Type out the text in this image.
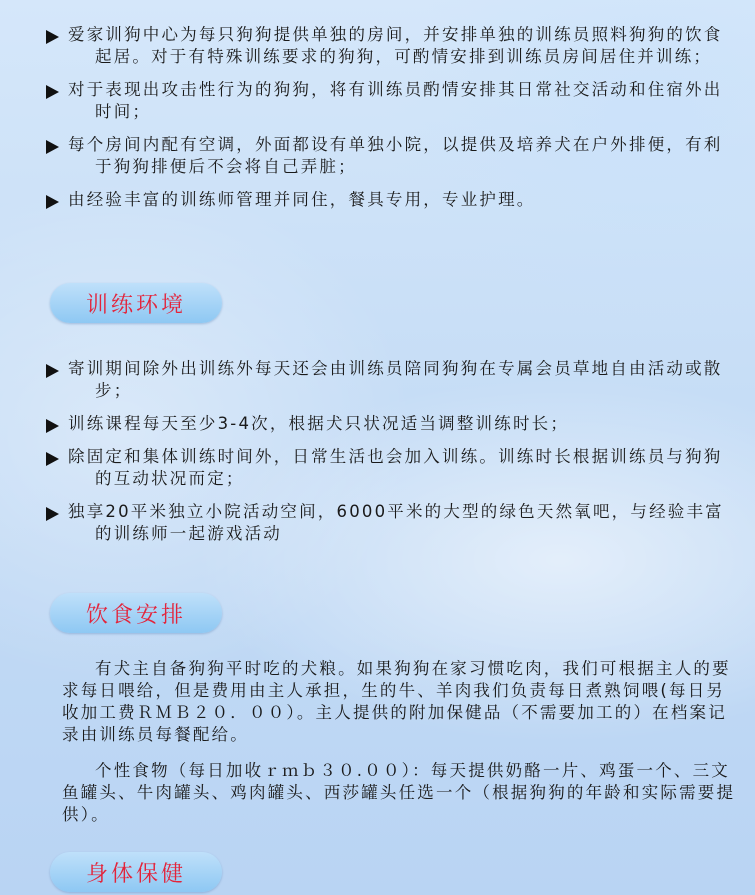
爱家训狗中心为每只狗狗提供单独的房间，并安排单独的训练员照料狗狗的饮食起居。对于有特殊训练要求的狗狗，可酌情安排到训练员房间居住并训练；

对于表现出攻击性行为的狗狗，将有训练员酌情安排其日常社交活动和住宿外出时间；

每个房间内配有空调，外面都设有单独小院，以提供及培养犬在户外排便，有利于狗狗排便后不会将自己弄脏；

由经验丰富的训练师管理并同住，餐具专用，专业护理。

训练环境

寄训期间除外出训练外每天还会由训练员陪同狗狗在专属会员草地自由活动或散步；

训练课程每天至少3-4次，根据犬只状况适当调整训练时长；

除固定和集体训练时间外，日常生活也会加入训练。训练时长根据训练员与狗狗的互动状况而定；

独享20平米独立小院活动空间，6000平米的大型的绿色天然氧吧，与经验丰富的训练师一起游戏活动

饮食安排

有犬主自备狗狗平时吃的犬粮。如果狗狗在家习惯吃肉，我们可根据主人的要求每日喂给，但是费用由主人承担，生的牛、羊肉我们负责每日煮熟饲喂(每日另收加工费ＲＭＢ２０．００）。主人提供的附加保健品（不需要加工的）在档案记录由训练员每餐配给。

个性食物（每日加收ｒｍｂ３０.００）：每天提供奶酪一片、鸡蛋一个、三文鱼罐头、牛肉罐头、鸡肉罐头、西莎罐头任选一个（根据狗狗的年龄和实际需要提供）。

身体保健
